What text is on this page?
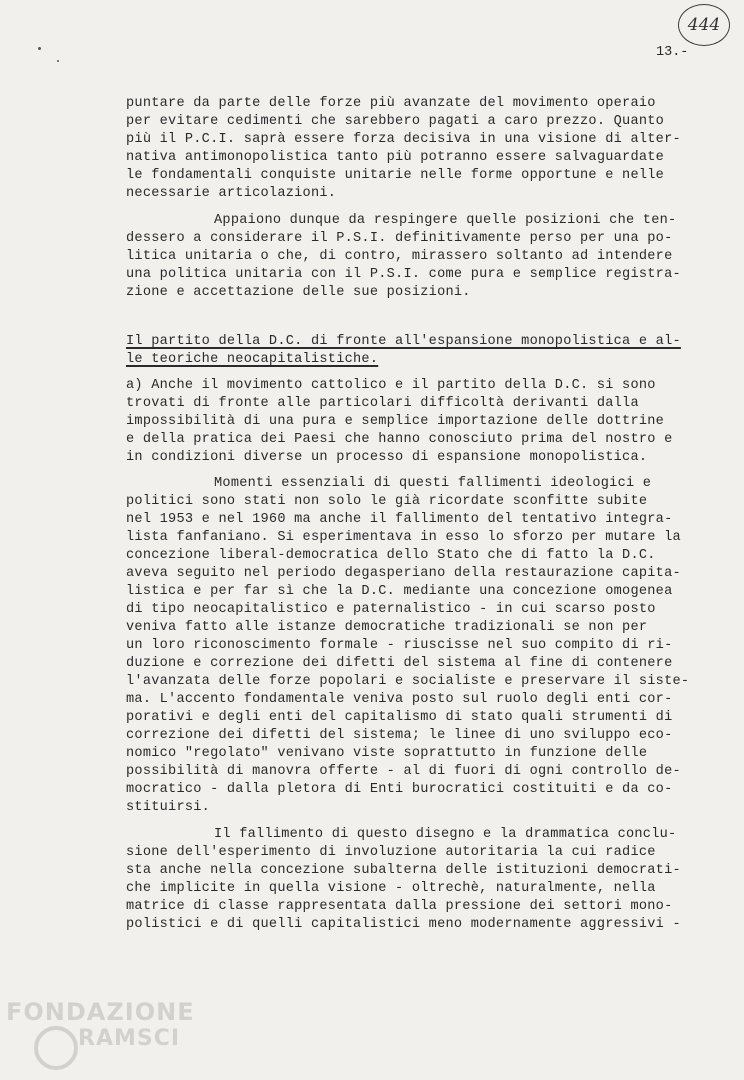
444
13.-

puntare da parte delle forze più avanzate del movimento operaio

per evitare cedimenti che sarebbero pagati a caro prezzo. Quanto

più il P.C.I. saprà essere forza decisiva in una visione di alter-

nativa antimonopolistica tanto più potranno essere salvaguardate

le fondamentali conquiste unitarie nelle forme opportune e nelle

necessarie articolazioni.

Appaiono dunque da respingere quelle posizioni che ten-

dessero a considerare il P.S.I. definitivamente perso per una po-

litica unitaria o che, di contro, mirassero soltanto ad intendere

una politica unitaria con il P.S.I. come pura e semplice registra-

zione e accettazione delle sue posizioni.

Il partito della D.C. di fronte all'espansione monopolistica e al-

le teoriche neocapitalistiche.

a) Anche il movimento cattolico e il partito della D.C. si sono

trovati di fronte alle particolari difficoltà derivanti dalla

impossibilità di una pura e semplice importazione delle dottrine

e della pratica dei Paesi che hanno conosciuto prima del nostro e

in condizioni diverse un processo di espansione monopolistica.

Momenti essenziali di questi fallimenti ideologici e

politici sono stati non solo le già ricordate sconfitte subite

nel 1953 e nel 1960 ma anche il fallimento del tentativo integra-

lista fanfaniano. Si esperimentava in esso lo sforzo per mutare la

concezione liberal-democratica dello Stato che di fatto la D.C.

aveva seguito nel periodo degasperiano della restaurazione capita-

listica e per far sì che la D.C. mediante una concezione omogenea

di tipo neocapitalistico e paternalistico - in cui scarso posto

veniva fatto alle istanze democratiche tradizionali se non per

un loro riconoscimento formale - riuscisse nel suo compito di ri-

duzione e correzione dei difetti del sistema al fine di contenere

l'avanzata delle forze popolari e socialiste e preservare il siste-

ma. L'accento fondamentale veniva posto sul ruolo degli enti cor-

porativi e degli enti del capitalismo di stato quali strumenti di

correzione dei difetti del sistema; le linee di uno sviluppo eco-

nomico "regolato" venivano viste soprattutto in funzione delle

possibilità di manovra offerte - al di fuori di ogni controllo de-

mocratico - dalla pletora di Enti burocratici costituiti e da co-

stituirsi.

Il fallimento di questo disegno e la drammatica conclu-

sione dell'esperimento di involuzione autoritaria la cui radice

sta anche nella concezione subalterna delle istituzioni democrati-

che implicite in quella visione - oltrechè, naturalmente, nella

matrice di classe rappresentata dalla pressione dei settori mono-

polistici e di quelli capitalistici meno modernamente aggressivi -

FONDAZIONE
RAMSCI
